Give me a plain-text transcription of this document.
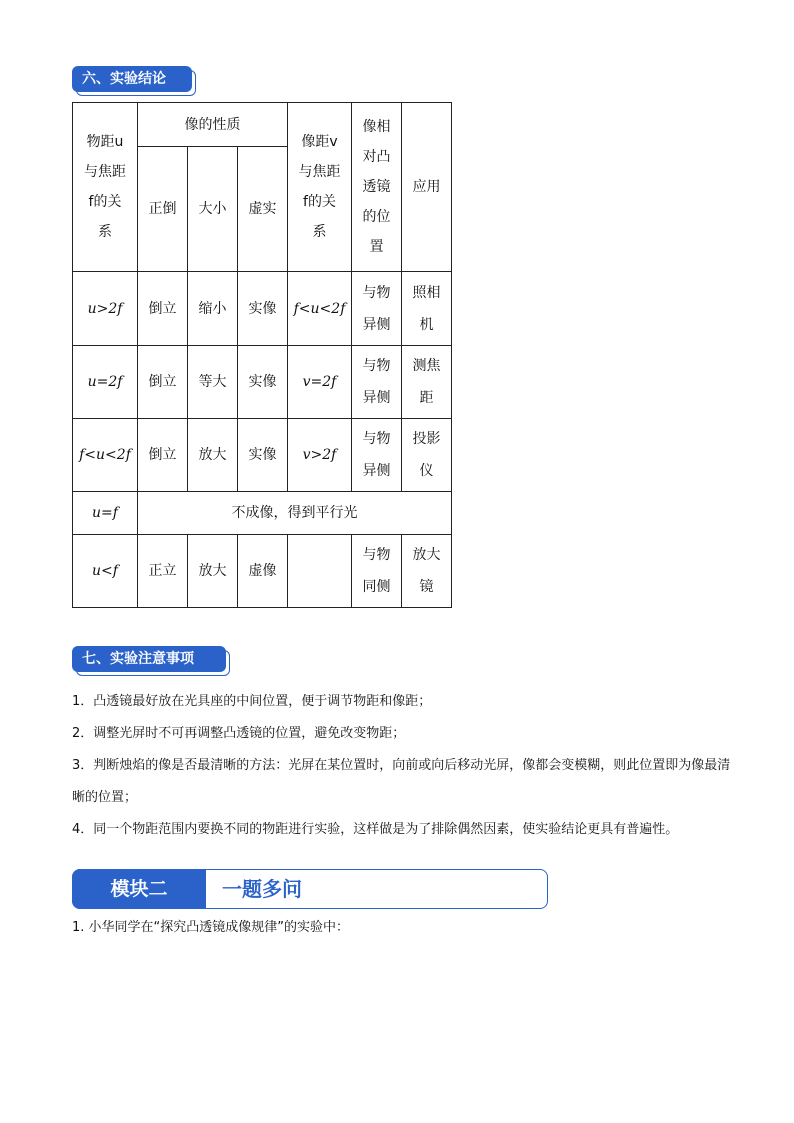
六、实验结论
物距u与焦距f的关系	像的性质			像距v与焦距f的关系	像相对凸透镜的位置	应用
	正倒	大小	虚实			
u>2f	倒立	缩小	实像	f<u<2f	与物异侧	照相机
u=2f	倒立	等大	实像	v=2f	与物异侧	测焦距
f<u<2f	倒立	放大	实像	v>2f	与物异侧	投影仪
u=f	不成像，得到平行光					
u<f	正立	放大	虚像		与物同侧	放大镜
七、实验注意事项

1．凸透镜最好放在光具座的中间位置，便于调节物距和像距；

2．调整光屏时不可再调整凸透镜的位置，避免改变物距；

3．判断烛焰的像是否最清晰的方法：光屏在某位置时，向前或向后移动光屏，像都会变模糊，则此位置即为像最清晰的位置；

4．同一个物距范围内要换不同的物距进行实验，这样做是为了排除偶然因素，使实验结论更具有普遍性。

模块二	一题多问
1. 小华同学在“探究凸透镜成像规律”的实验中：
